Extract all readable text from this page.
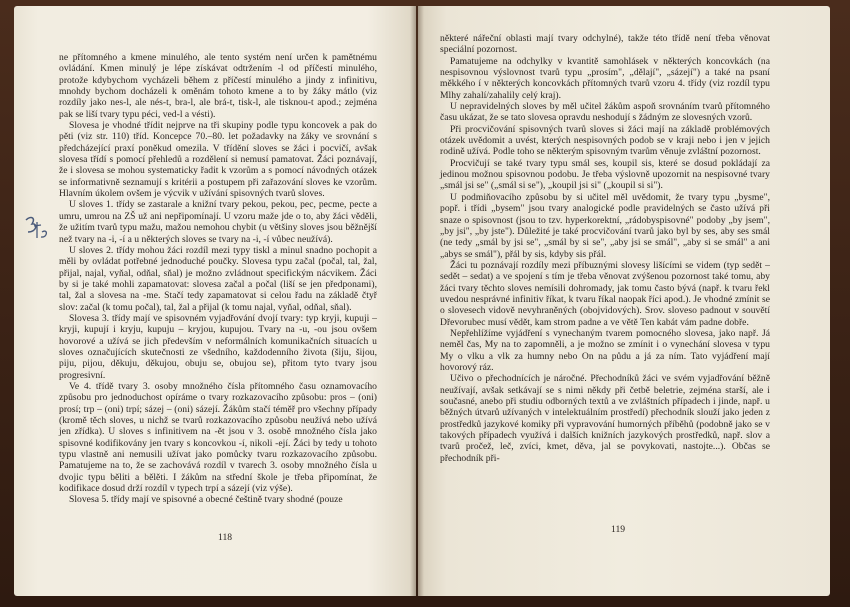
ne přítomného a kmene minulého, ale tento systém není určen k pamětnému ovládání. Kmen minulý je lépe získávat odtržením -l od příčestí minulého, protože kdybychom vycházeli během z příčestí minulého a jindy z infinitivu, mnohdy bychom docházeli k oměnám tohoto kmene a to by žáky mátlo (viz rozdíly jako nes-l, ale nés-t, bra-l, ale brá-t, tisk-l, ale tisknou-t apod.; zejména pak se liší tvary typu péci, ved-l a vésti).

Slovesa je vhodné třídit nejprve na tři skupiny podle typu koncovek a pak do pěti (viz str. 110) tříd. Koncepce 70.–80. let požadavky na žáky ve srovnání s předcházející praxí poněkud omezila. V třídění sloves se žáci i pocvičí, avšak slovesa třídí s pomocí přehledů a rozdělení si nemusí pamatovat. Žáci poznávají, že i slovesa se mohou systematicky řadit k vzorům a s pomocí návodných otázek se informativně seznamují s kritérii a postupem při zařazování sloves ke vzorům. Hlavním úkolem ovšem je výcvik v užívání spisovných tvarů sloves.

U sloves 1. třídy se zastarale a knižní tvary pekou, pekou, pec, pecme, pecte a umru, umrou na ZŠ už ani nepřipomínají. U vzoru maže jde o to, aby žáci věděli, že užitím tvarů typu mažu, mažou nemohou chybit (u většiny sloves jsou běžnější než tvary na -i, -í a u některých sloves se tvary na -i, -í vůbec neužívá).

U sloves 2. třídy mohou žáci rozdíl mezi typy tiskl a minul snadno pochopit a měli by ovládat potřebné jednoduché poučky. Slovesa typu začal (počal, tal, žal, přijal, najal, vyňal, odňal, sňal) je možno zvládnout specifickým nácvikem. Žáci by si je také mohli zapamatovat: slovesa začal a počal (liší se jen předponami), tal, žal a slovesa na -me. Stačí tedy zapamatovat si celou řadu na základě čtyř slov: začal (k tomu počal), tal, žal a přijal (k tomu najal, vyňal, odňal, sňal).

Slovesa 3. třídy mají ve spisovném vyjadřování dvojí tvary: typ kryji, kupuji – kryji, kupují i kryju, kupuju – kryjou, kupujou. Tvary na -u, -ou jsou ovšem hovorové a užívá se jich především v neformálních komunikačních situacích u sloves označujících skutečnosti ze všedního, každodenního života (šiju, šijou, piju, pijou, děkuju, děkujou, obuju se, obujou se), přitom tyto tvary jsou progresivní.

Ve 4. třídě tvary 3. osoby množného čísla přítomného času oznamovacího způsobu pro jednoduchost opíráme o tvary rozkazovacího způsobu: pros – (oni) prosí; trp – (oni) trpí; sázej – (oni) sázejí. Žákům stačí téměř pro všechny případy (kromě těch sloves, u nichž se tvarů rozkazovacího způsobu neužívá nebo užívá jen zřídka). U sloves s infinitivem na -ět jsou v 3. osobě množného čísla jako spisovné kodifikovány jen tvary s koncovkou -í, nikoli -ejí. Žáci by tedy u tohoto typu vlastně ani nemusili užívat jako pomůcky tvaru rozkazovacího způsobu. Pamatujeme na to, že se zachovává rozdíl v tvarech 3. osoby množného čísla u dvojic typu běliti a bělěti. I žákům na střední škole je třeba připomínat, že kodifikace dosud drží rozdíl v typech trpí a sázejí (viz výše).

Slovesa 5. třídy mají ve spisovné a obecné češtině tvary shodné (pouze

118

některé nářeční oblasti mají tvary odchylné), takže této třídě není třeba věnovat speciální pozornost.

Pamatujeme na odchylky v kvantitě samohlásek v některých koncovkách (na nespisovnou výslovnost tvarů typu „prosím", „dělají", „sázejí") a také na psaní měkkého í v některých koncovkách přítomných tvarů vzoru 4. třídy (viz rozdíl typu Mlhy zahalí/zahalily celý kraj).

U nepravidelných sloves by měl učitel žákům aspoň srovnáním tvarů přítomného času ukázat, že se tato slovesa opravdu neshodují s žádným ze slovesných vzorů.

Při procvičování spisovných tvarů sloves si žáci mají na základě problémových otázek uvědomit a uvést, kterých nespisovných podob se v kraji nebo i jen v jejich rodině užívá. Podle toho se některým spisovným tvarům věnuje zvláštní pozornost.

Procvičují se také tvary typu smál ses, koupil sis, které se dosud pokládají za jedinou možnou spisovnou podobu. Je třeba výslovně upozornit na nespisovné tvary „smál jsi se" („smál si se"), „koupil jsi si" („koupil si si").

U podmiňovacího způsobu by si učitel měl uvědomit, že tvary typu „bysme", popř. i třídi „bysem" jsou tvary analogické podle pravidelných se často užívá při snaze o spisovnost (jsou to tzv. hyperkorektní, „rádobyspisovné" podoby „by jsem", „by jsi", „by jste"). Důležité je také procvičování tvarů jako byl by ses, aby ses smál (ne tedy „smál by jsi se", „smál by si se", „aby jsi se smál", „aby si se smál" a ani „abys se smál"), přál by sis, kdyby sis přál.

Žáci tu poznávají rozdíly mezi příbuznými slovesy lišícími se videm (typ sedět – sedět – sedat) a ve spojení s tím je třeba věnovat zvýšenou pozornost také tomu, aby žáci tvary těchto sloves nemísili dohromady, jak tomu často bývá (např. k tvaru řekl uvedou nesprávné infinitiv říkat, k tvaru říkal naopak říci apod.). Je vhodné zmínit se o slovesech vidově nevyhraněných (obojvidových). Srov. sloveso padnout v souvětí Dřevorubec musí vědět, kam strom padne a ve větě Ten kabát vám padne dobře.

Nepřehlížíme vyjádření s vynechaným tvarem pomocného slovesa, jako např. Já neměl čas, My na to zapomněli, a je možno se zmínit i o vynechání slovesa v typu My o vlku a vlk za humny nebo On na půdu a já za ním. Tato vyjádření mají hovorový ráz.

Učivo o přechodnících je náročné. Přechodníků žáci ve svém vyjadřování běžně neužívají, avšak setkávají se s nimi někdy při četbě beletrie, zejména starší, ale i současné, anebo při studiu odborných textů a ve zvláštních případech i jinde, např. u běžných útvarů užívaných v intelektuálním prostředí) přechodník slouží jako jeden z prostředků jazykové komiky při vypravování humorných příběhů (podobně jako se v takových případech využívá i dalších knižních jazykových prostředků, např. slov a tvarů pročež, leč, zvíci, kmet, děva, jal se povykovati, nastojte...). Občas se přechodník při-

119
